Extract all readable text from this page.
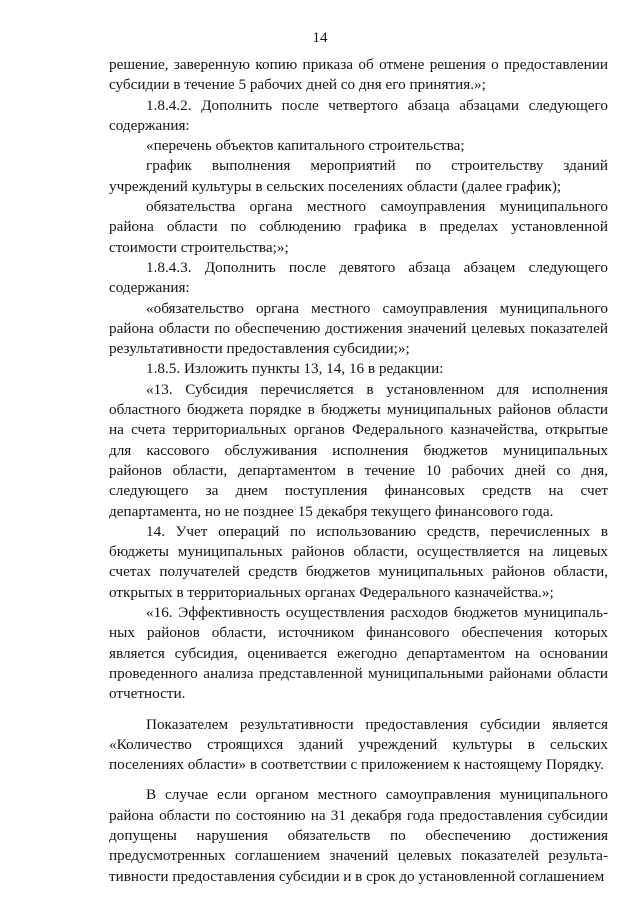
14

решение, заверенную копию приказа об отмене решения о предоставлении субсидии в течение 5 рабочих дней со дня его принятия.»;

1.8.4.2. Дополнить после четвертого абзаца абзацами следующего содержания:

«перечень объектов капитального строительства;

график выполнения мероприятий по строительству зданий учреждений культуры в сельских поселениях области (далее график);

обязательства органа местного самоуправления муниципального района области по соблюдению графика в пределах установленной стоимости строительства;»;

1.8.4.3. Дополнить после девятого абзаца абзацем следующего содержания:

«обязательство органа местного самоуправления муниципального района области по обеспечению достижения значений целевых показателей результативности предоставления субсидии;»;

1.8.5. Изложить пункты 13, 14, 16 в редакции:

«13. Субсидия перечисляется в установленном для исполнения областного бюджета порядке в бюджеты муниципальных районов области на счета территориальных органов Федерального казначейства, открытые для кассового обслуживания исполнения бюджетов муниципальных районов области, департаментом в течение 10 рабочих дней со дня, следующего за днем поступления финансовых средств на счет департамента, но не позднее 15 декабря текущего финансового года.

14. Учет операций по использованию средств, перечисленных в бюджеты муниципальных районов области, осуществляется на лицевых счетах получателей средств бюджетов муниципальных районов области, открытых в территориальных органах Федерального казначейства.»;

«16. Эффективность осуществления расходов бюджетов муниципальных районов области, источником финансового обеспечения которых является субсидия, оценивается ежегодно департаментом на основании проведенного анализа представленной муниципальными районами области отчетности.

Показателем результативности предоставления субсидии является «Количество строящихся зданий учреждений культуры в сельских поселениях области» в соответствии с приложением к настоящему Порядку.

В случае если органом местного самоуправления муниципального района области по состоянию на 31 декабря года предоставления субсидии допущены нарушения обязательств по обеспечению достижения предусмотренных соглашением значений целевых показателей результативности предоставления субсидии и в срок до установленной соглашением
